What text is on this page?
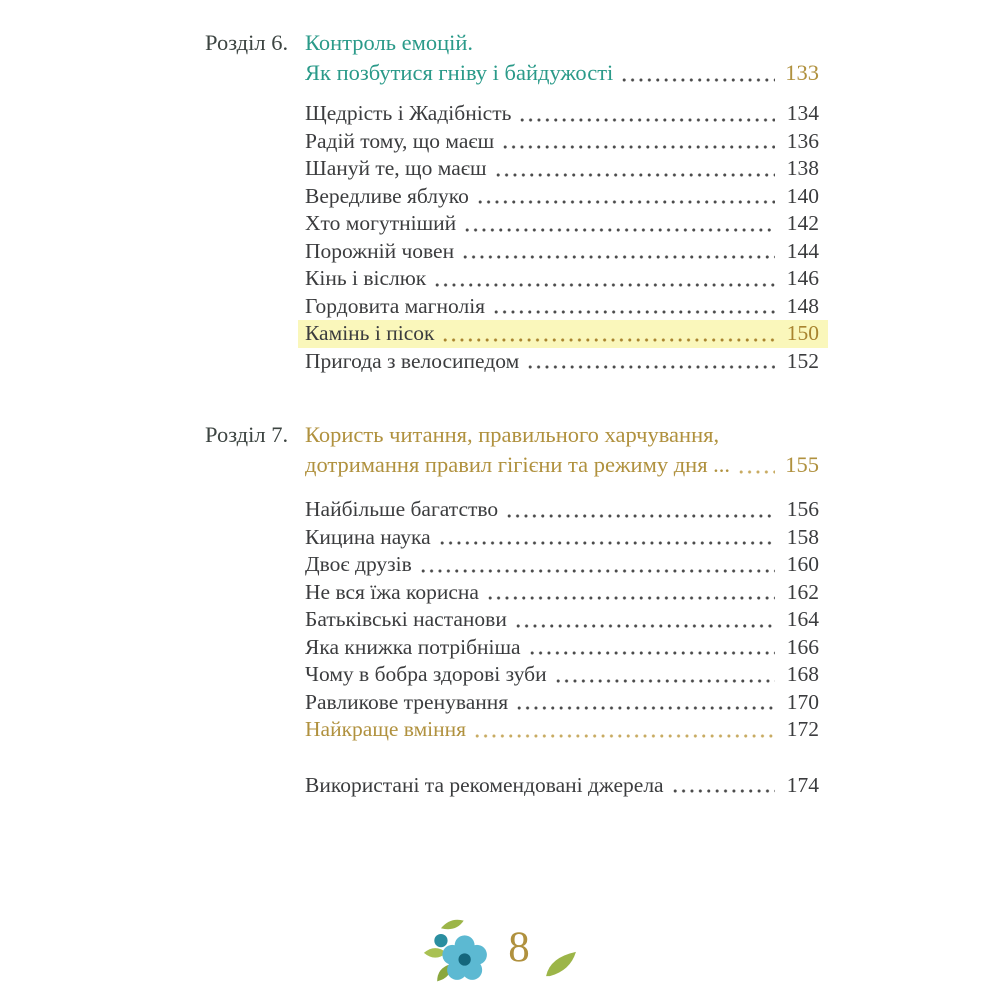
Розділ 6. Контроль емоцій.
Як позбутися гніву і байдужості	133
Щедрість і Жадібність	134
Радій тому, що маєш	136
Шануй те, що маєш	138
Вередливе яблуко	140
Хто могутніший	142
Порожній човен	144
Кінь і віслюк	146
Гордовита магнолія	148
Камінь і пісок	150
Пригода з велосипедом	152
Розділ 7. Користь читання, правильного харчування,
дотримання правил гігієни та режиму дня ... 155
Найбільше багатство	156
Кицина наука	158
Двоє друзів	160
Не вся їжа корисна	162
Батьківські настанови	164
Яка книжка потрібніша	166
Чому в бобра здорові зуби	168
Равликове тренування	170
Найкраще вміння	172
Використані та рекомендовані джерела	174
8
